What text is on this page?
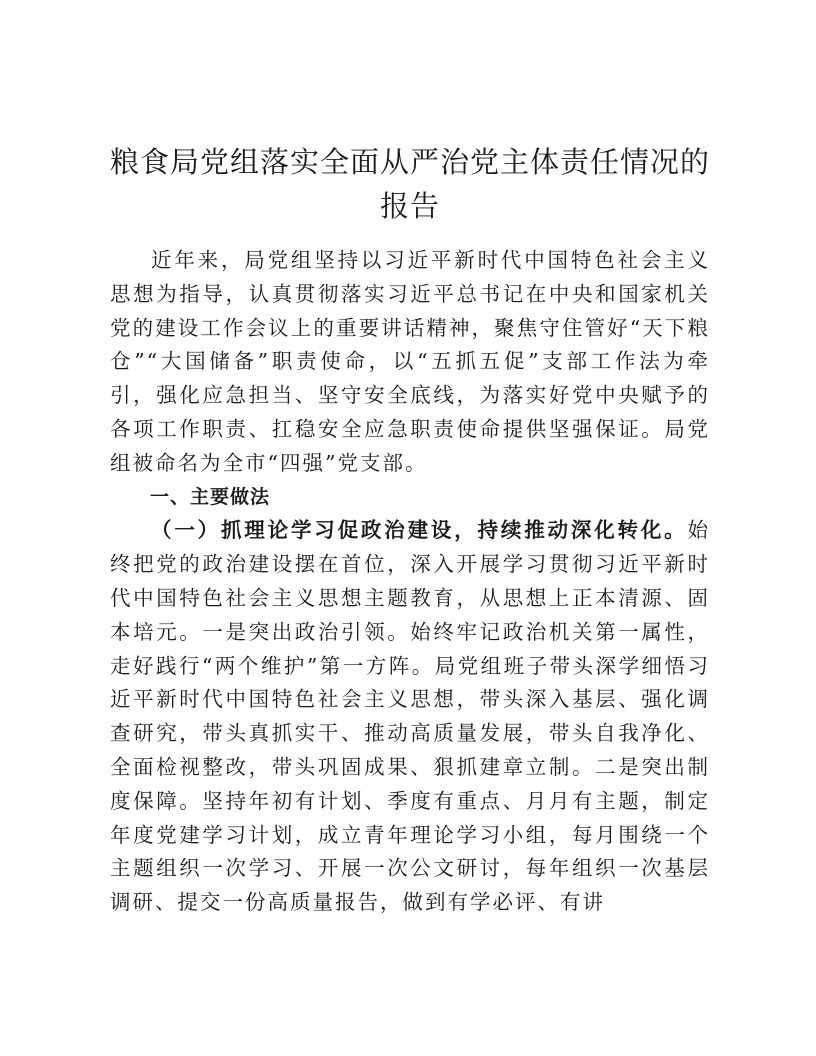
粮食局党组落实全面从严治党主体责任情况的
报告

近年来，局党组坚持以习近平新时代中国特色社会主义思想为指导，认真贯彻落实习近平总书记在中央和国家机关党的建设工作会议上的重要讲话精神，聚焦守住管好“天下粮仓”“大国储备”职责使命，以“五抓五促”支部工作法为牵引，强化应急担当、坚守安全底线，为落实好党中央赋予的各项工作职责、扛稳安全应急职责使命提供坚强保证。局党组被命名为全市“四强”党支部。

一、主要做法

（一）抓理论学习促政治建设，持续推动深化转化。始终把党的政治建设摆在首位，深入开展学习贯彻习近平新时代中国特色社会主义思想主题教育，从思想上正本清源、固本培元。一是突出政治引领。始终牢记政治机关第一属性，走好践行“两个维护”第一方阵。局党组班子带头深学细悟习近平新时代中国特色社会主义思想，带头深入基层、强化调查研究，带头真抓实干、推动高质量发展，带头自我净化、全面检视整改，带头巩固成果、狠抓建章立制。二是突出制度保障。坚持年初有计划、季度有重点、月月有主题，制定年度党建学习计划，成立青年理论学习小组，每月围绕一个主题组织一次学习、开展一次公文研讨，每年组织一次基层调研、提交一份高质量报告，做到有学必评、有讲
